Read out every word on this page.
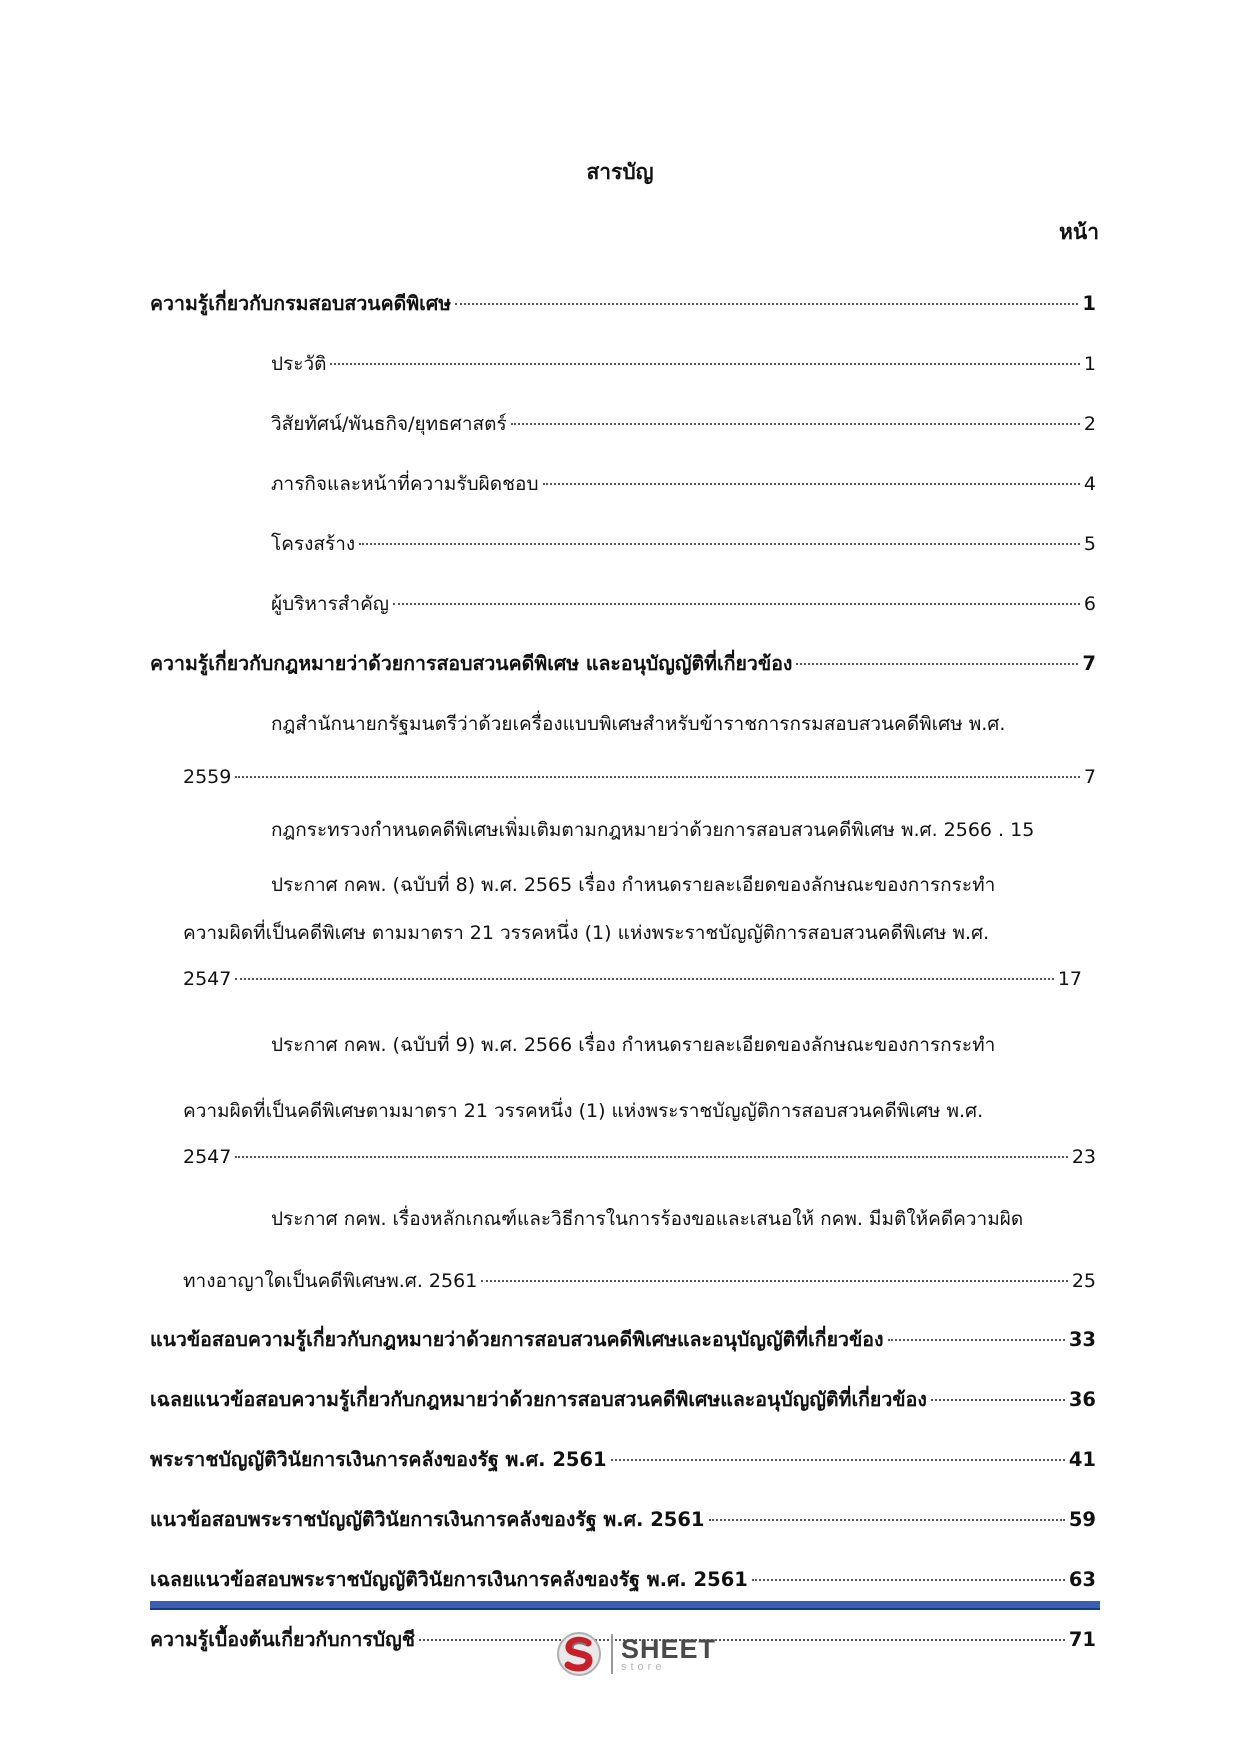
สารบัญ
หน้า
ความรู้เกี่ยวกับกรมสอบสวนคดีพิเศษ	1
ประวัติ	1
วิสัยทัศน์/พันธกิจ/ยุทธศาสตร์	2
ภารกิจและหน้าที่ความรับผิดชอบ	4
โครงสร้าง	5
ผู้บริหารสำคัญ	6
ความรู้เกี่ยวกับกฎหมายว่าด้วยการสอบสวนคดีพิเศษ และอนุบัญญัติที่เกี่ยวข้อง	7
กฎสำนักนายกรัฐมนตรีว่าด้วยเครื่องแบบพิเศษสำหรับข้าราชการกรมสอบสวนคดีพิเศษ พ.ศ.
2559	7
กฎกระทรวงกำหนดคดีพิเศษเพิ่มเติมตามกฎหมายว่าด้วยการสอบสวนคดีพิเศษ พ.ศ. 2566 . 15
ประกาศ กคพ. (ฉบับที่ 8) พ.ศ. 2565 เรื่อง กำหนดรายละเอียดของลักษณะของการกระทำ
ความผิดที่เป็นคดีพิเศษ ตามมาตรา 21 วรรคหนึ่ง (1) แห่งพระราชบัญญัติการสอบสวนคดีพิเศษ พ.ศ.
2547	17
ประกาศ กคพ. (ฉบับที่ 9) พ.ศ. 2566 เรื่อง กำหนดรายละเอียดของลักษณะของการกระทำ
ความผิดที่เป็นคดีพิเศษตามมาตรา 21 วรรคหนึ่ง (1) แห่งพระราชบัญญัติการสอบสวนคดีพิเศษ พ.ศ.
2547	23
ประกาศ กคพ. เรื่องหลักเกณฑ์และวิธีการในการร้องขอและเสนอให้ กคพ. มีมติให้คดีความผิด
ทางอาญาใดเป็นคดีพิเศษพ.ศ. 2561	25
แนวข้อสอบความรู้เกี่ยวกับกฎหมายว่าด้วยการสอบสวนคดีพิเศษและอนุบัญญัติที่เกี่ยวข้อง	33
เฉลยแนวข้อสอบความรู้เกี่ยวกับกฎหมายว่าด้วยการสอบสวนคดีพิเศษและอนุบัญญัติที่เกี่ยวข้อง	36
พระราชบัญญัติวินัยการเงินการคลังของรัฐ พ.ศ. 2561	41
แนวข้อสอบพระราชบัญญัติวินัยการเงินการคลังของรัฐ พ.ศ. 2561	59
เฉลยแนวข้อสอบพระราชบัญญัติวินัยการเงินการคลังของรัฐ พ.ศ. 2561	63
ความรู้เบื้องต้นเกี่ยวกับการบัญชี	71
SHEET
store
